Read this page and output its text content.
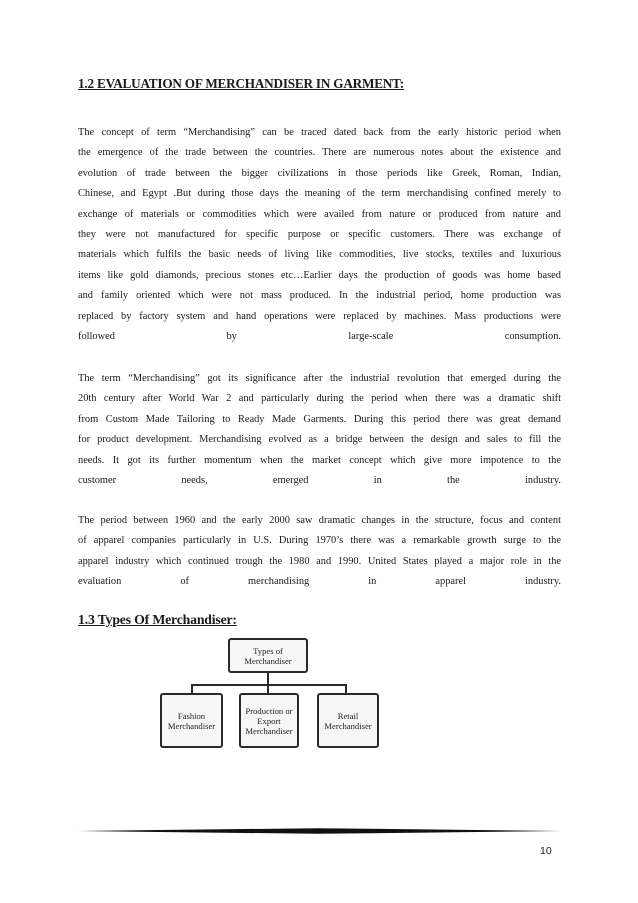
1.2 EVALUATION OF MERCHANDISER IN GARMENT:
The concept of term “Merchandising” can be traced dated back from the early historic period when
the emergence of the trade between the countries. There are numerous notes about the existence and
evolution of trade between the bigger civilizations in those periods like Greek, Roman, Indian,
Chinese, and Egypt .But during those days the meaning of the term merchandising confined merely to
exchange of materials or commodities which were availed from nature or produced from nature and
they were not manufactured for specific purpose or specific customers. There was exchange of
materials which fulfils the basic needs of living like commodities, live stocks, textiles and luxurious
items like gold diamonds, precious stones etc…Earlier days the production of goods was home based
and family oriented which were not mass produced. In the industrial period, home production was
replaced by factory system and hand operations were replaced by machines. Mass productions were
followed by large-scale consumption.
The term “Merchandising” got its significance after the industrial revolution that emerged during the
20th century after World War 2 and particularly during the period when there was a dramatic shift
from Custom Made Tailoring to Ready Made Garments. During this period there was great demand
for product development. Merchandising evolved as a bridge between the design and sales to fill the
needs. It got its further momentum when the market concept which give more impotence to the
customer needs, emerged in the industry.
The period between 1960 and the early 2000 saw dramatic changes in the structure, focus and content
of apparel companies particularly in U.S. During 1970’s there was a remarkable growth surge to the
apparel industry which continued trough the 1980 and 1990. United States played a major role in the
evaluation of merchandising in apparel industry.
1.3 Types Of Merchandiser:
Types of
Merchandiser
Fashion
Merchandiser
Production or
Export
Merchandiser
Retail
Merchandiser
10
